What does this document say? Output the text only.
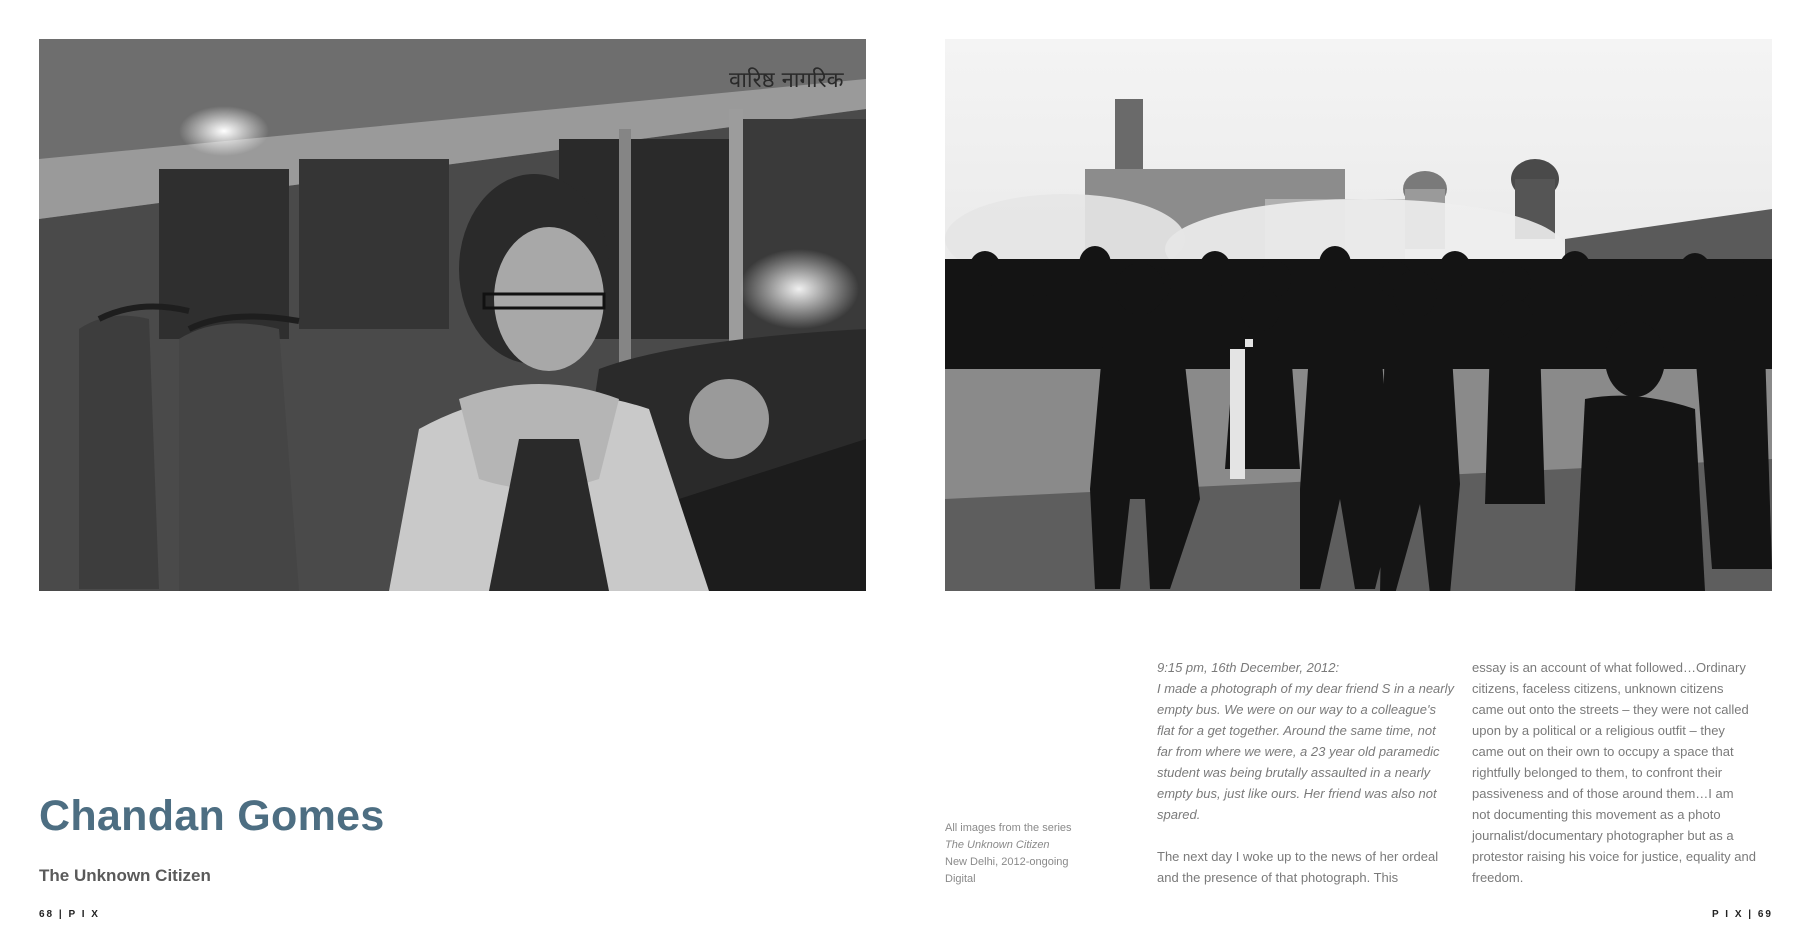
वारिष्ठ नागरिक
Chandan Gomes
The Unknown Citizen
68 | P I X
All images from the series
The Unknown Citizen
New Delhi, 2012-ongoing
Digital
9:15 pm, 16th December, 2012:
I made a photograph of my dear friend S in a nearly
empty bus. We were on our way to a colleague's
flat for a get together. Around the same time, not
far from where we were, a 23 year old paramedic
student was being brutally assaulted in a nearly
empty bus, just like ours. Her friend was also not
spared.
The next day I woke up to the news of her ordeal
and the presence of that photograph. This
essay is an account of what followed…Ordinary
citizens, faceless citizens, unknown citizens
came out onto the streets – they were not called
upon by a political or a religious outfit – they
came out on their own to occupy a space that
rightfully belonged to them, to confront their
passiveness and of those around them…I am
not documenting this movement as a photo
journalist/documentary photographer but as a
protestor raising his voice for justice, equality and
freedom.
P I X | 69
